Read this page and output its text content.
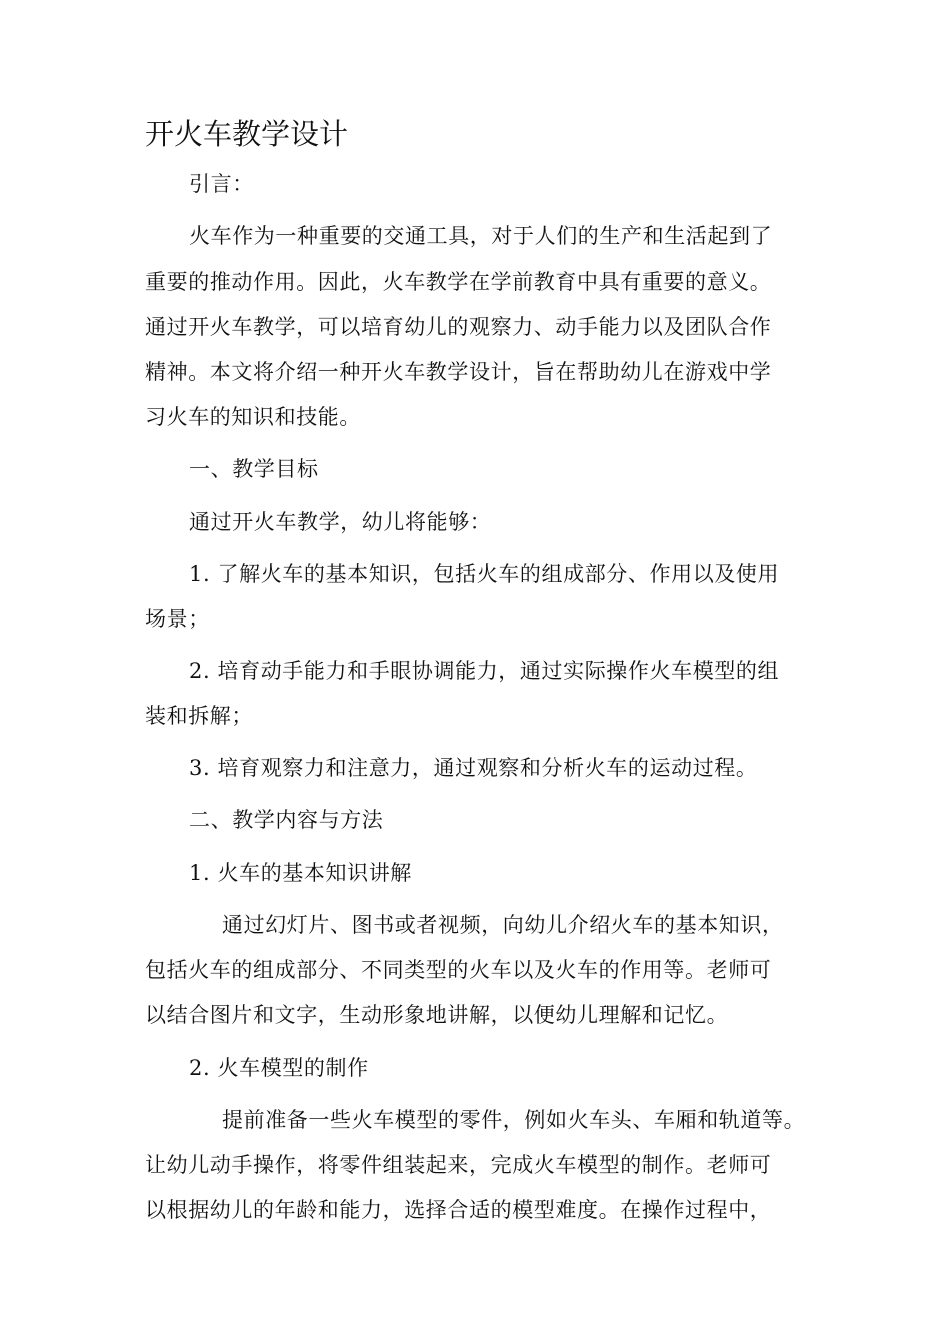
开火车教学设计
引言：
火车作为一种重要的交通工具，对于人们的生产和生活起到了
重要的推动作用。因此，火车教学在学前教育中具有重要的意义。
通过开火车教学，可以培育幼儿的观察力、动手能力以及团队合作
精神。本文将介绍一种开火车教学设计，旨在帮助幼儿在游戏中学
习火车的知识和技能。
一、教学目标
通过开火车教学，幼儿将能够：
1. 了解火车的基本知识，包括火车的组成部分、作用以及使用
场景；
2. 培育动手能力和手眼协调能力，通过实际操作火车模型的组
装和拆解；
3. 培育观察力和注意力，通过观察和分析火车的运动过程。
二、教学内容与方法
1. 火车的基本知识讲解
通过幻灯片、图书或者视频，向幼儿介绍火车的基本知识，
包括火车的组成部分、不同类型的火车以及火车的作用等。老师可
以结合图片和文字，生动形象地讲解，以便幼儿理解和记忆。
2. 火车模型的制作
提前准备一些火车模型的零件，例如火车头、车厢和轨道等。
让幼儿动手操作，将零件组装起来，完成火车模型的制作。老师可
以根据幼儿的年龄和能力，选择合适的模型难度。在操作过程中，
